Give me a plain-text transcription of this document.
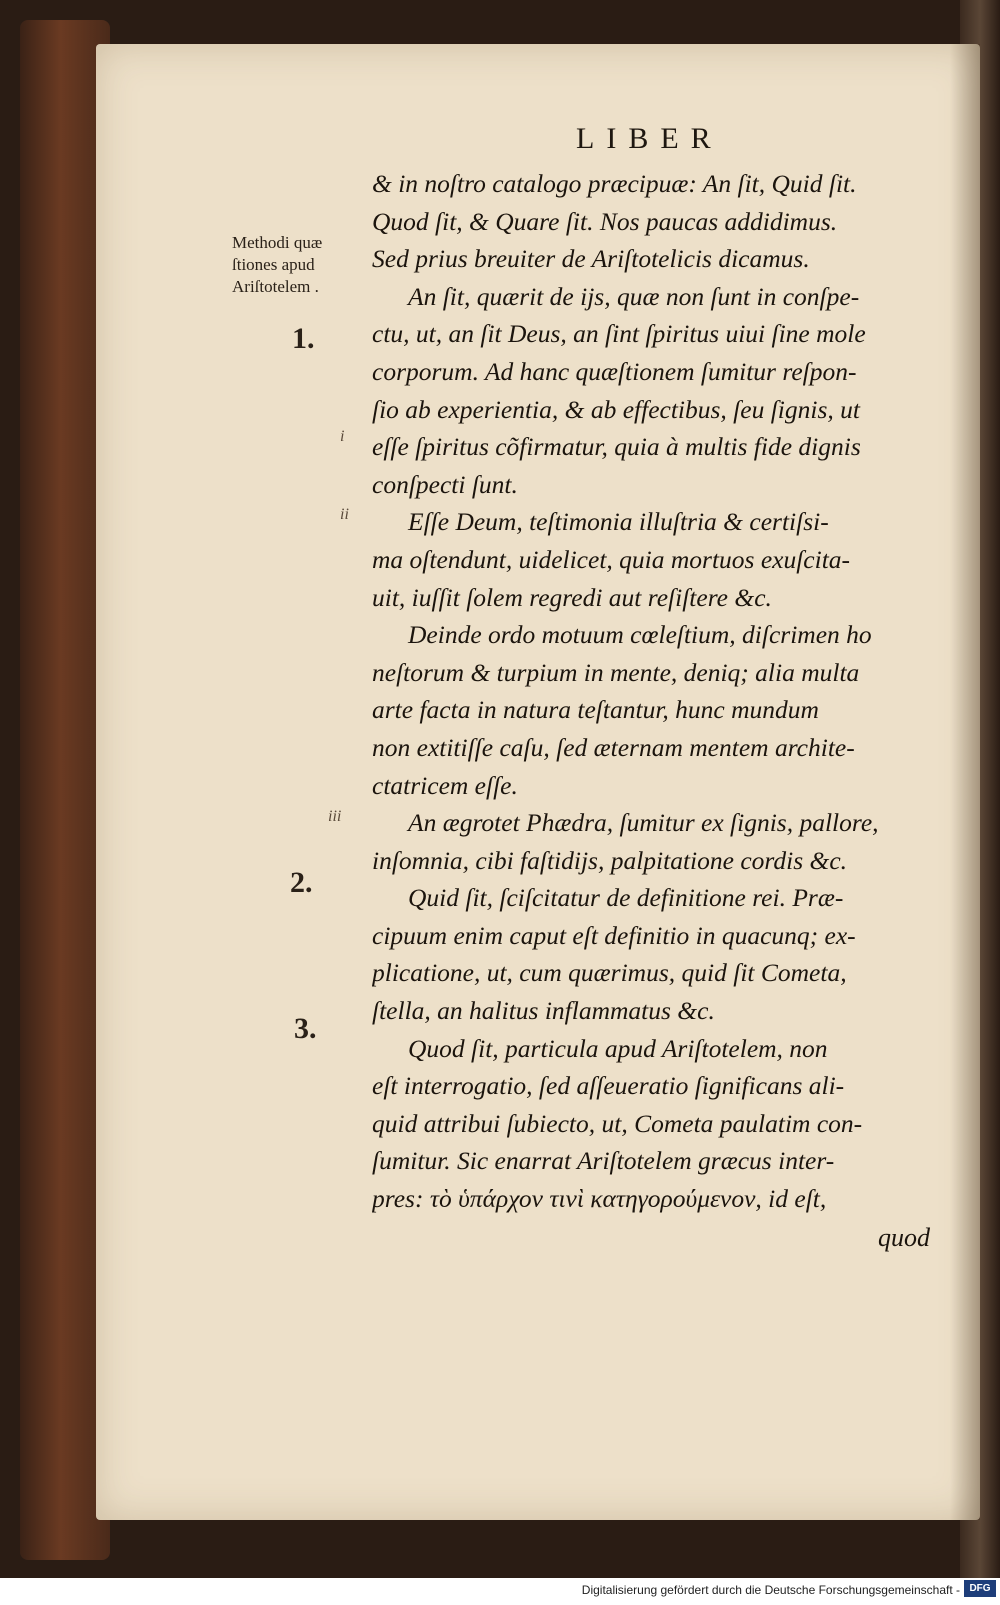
LIBER
Methodi quæ
ſtiones apud
Ariſtotelem .
1.
i
ii
iii
2.
3.
& in noſtro catalogo præcipuæ: An ſit, Quid ſit.
Quod ſit, & Quare ſit. Nos paucas addidimus.
Sed prius breuiter de Ariſtotelicis dicamus.
An ſit, quærit de ijs, quæ non ſunt in conſpe-
ctu, ut, an ſit Deus, an ſint ſpiritus uiui ſine mole
corporum. Ad hanc quæſtionem ſumitur reſpon-
ſio ab experientia, & ab effectibus, ſeu ſignis, ut
eſſe ſpiritus cõfirmatur, quia à multis fide dignis
conſpecti ſunt.
Eſſe Deum, teſtimonia illuſtria & certiſsi-
ma oſtendunt, uidelicet, quia mortuos exuſcita-
uit, iuſſit ſolem regredi aut reſiſtere &c.
Deinde ordo motuum cœleſtium, diſcrimen ho
neſtorum & turpium in mente, deniq; alia multa
arte facta in natura teſtantur, hunc mundum
non extitiſſe caſu, ſed æternam mentem archite-
ctatricem eſſe.
An ægrotet Phædra, ſumitur ex ſignis, pallore,
inſomnia, cibi faſtidijs, palpitatione cordis &c.
Quid ſit, ſciſcitatur de definitione rei. Præ-
cipuum enim caput eſt definitio in quacunq; ex-
plicatione, ut, cum quærimus, quid ſit Cometa,
ſtella, an halitus inflammatus &c.
Quod ſit, particula apud Ariſtotelem, non
eſt interrogatio, ſed aſſeueratio ſignificans ali-
quid attribui ſubiecto, ut, Cometa paulatim con-
ſumitur. Sic enarrat Ariſtotelem græcus inter-
pres: τὸ ὑπάρχον τινὶ κατηγορούμενον, id eſt,
quod
Digitalisierung gefördert durch die Deutsche Forschungsgemeinschaft - DFG
